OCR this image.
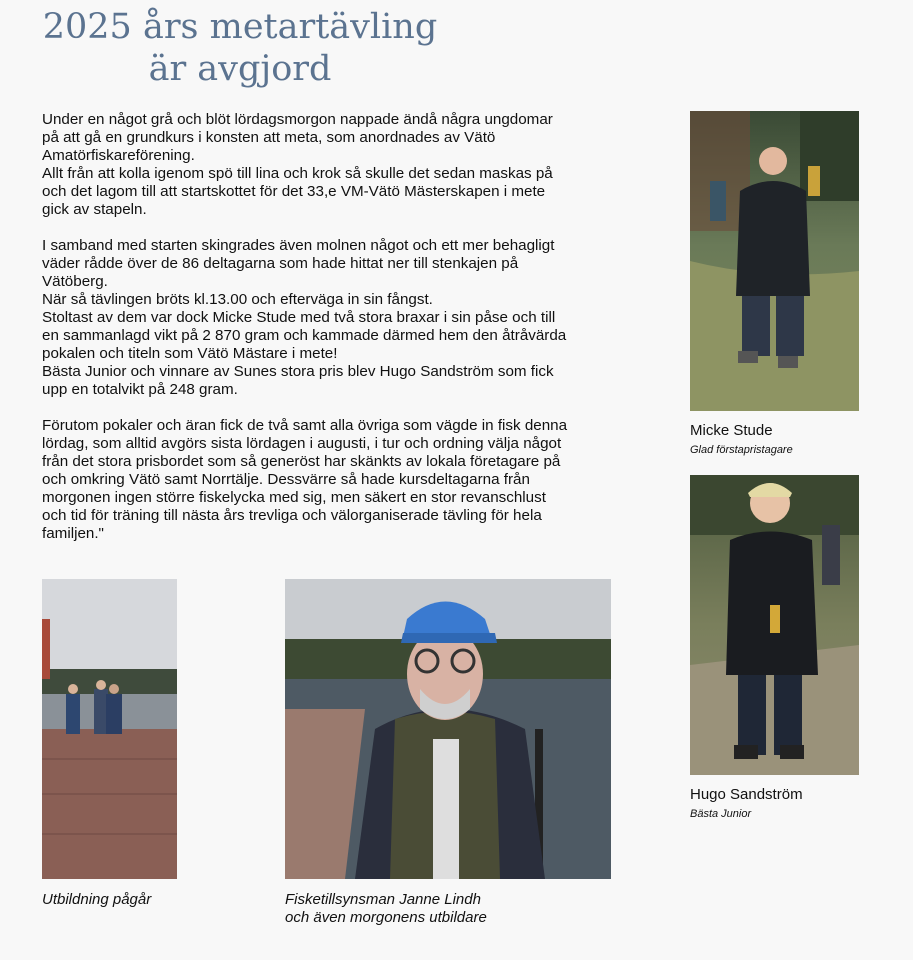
2025 års metartävling
är avgjord

Under en något grå och blöt lördagsmorgon nappade ändå några ungdomar
på att gå en grundkurs i konsten att meta, som anordnades av Vätö
Amatörfiskareförening.
Allt från att kolla igenom spö till lina och krok så skulle det sedan maskas på
och det lagom till att startskottet för det 33,e VM-Vätö Mästerskapen i mete
gick av stapeln.

I samband med starten skingrades även molnen något och ett mer behagligt
väder rådde över de 86 deltagarna som hade hittat ner till stenkajen på
Vätöberg.
När så tävlingen bröts kl.13.00 och efterväga in sin fångst.
Stoltast av dem var dock Micke Stude med två stora braxar i sin påse och till
en sammanlagd vikt på 2 870 gram och kammade därmed hem den åtråvärda
pokalen och titeln som Vätö Mästare i mete!
Bästa Junior och vinnare av Sunes stora pris blev Hugo Sandström som fick
upp en totalvikt på 248 gram.

Förutom pokaler och äran fick de två samt alla övriga som vägde in fisk denna
lördag, som alltid avgörs sista lördagen i augusti, i tur och ordning välja något
från det stora prisbordet som så generöst har skänkts av lokala företagare på
och omkring Vätö samt Norrtälje. Dessvärre så hade kursdeltagarna från
morgonen ingen större fiskelycka med sig, men säkert en stor revanschlust
och tid för träning till nästa års trevliga och välorganiserade tävling för hela
familjen."

Micke Stude
Glad förstapristagare
Hugo Sandström
Bästa Junior
Utbildning pågår	Fisketillsynsman Janne Lindh
och även morgonens utbildare
